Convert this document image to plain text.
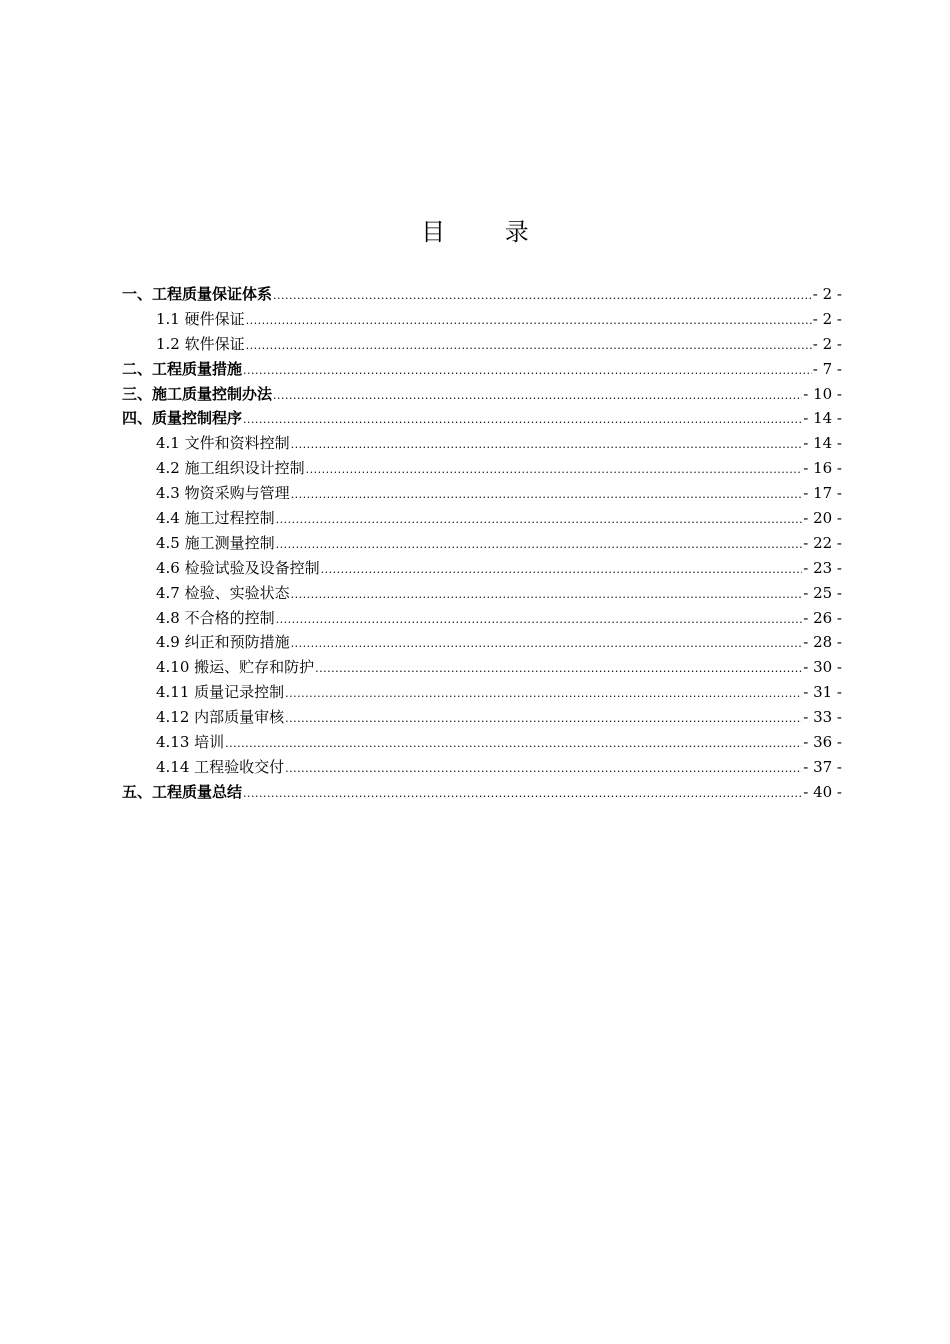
目 录
一、工程质量保证体系 .....	- 2 -
1.1 硬件保证 .....	- 2 -
1.2 软件保证 .....	- 2 -
二、工程质量措施 .....	- 7 -
三、施工质量控制办法 .....	- 10 -
四、质量控制程序 .....	- 14 -
4.1 文件和资料控制 .....	- 14 -
4.2 施工组织设计控制 .....	- 16 -
4.3 物资采购与管理 .....	- 17 -
4.4 施工过程控制 .....	- 20 -
4.5 施工测量控制 .....	- 22 -
4.6 检验试验及设备控制 .....	- 23 -
4.7 检验、实验状态 .....	- 25 -
4.8 不合格的控制 .....	- 26 -
4.9 纠正和预防措施 .....	- 28 -
4.10 搬运、贮存和防护 .....	- 30 -
4.11 质量记录控制 .....	- 31 -
4.12 内部质量审核 .....	- 33 -
4.13 培训 .....	- 36 -
4.14 工程验收交付 .....	- 37 -
五、工程质量总结 .....	- 40 -
